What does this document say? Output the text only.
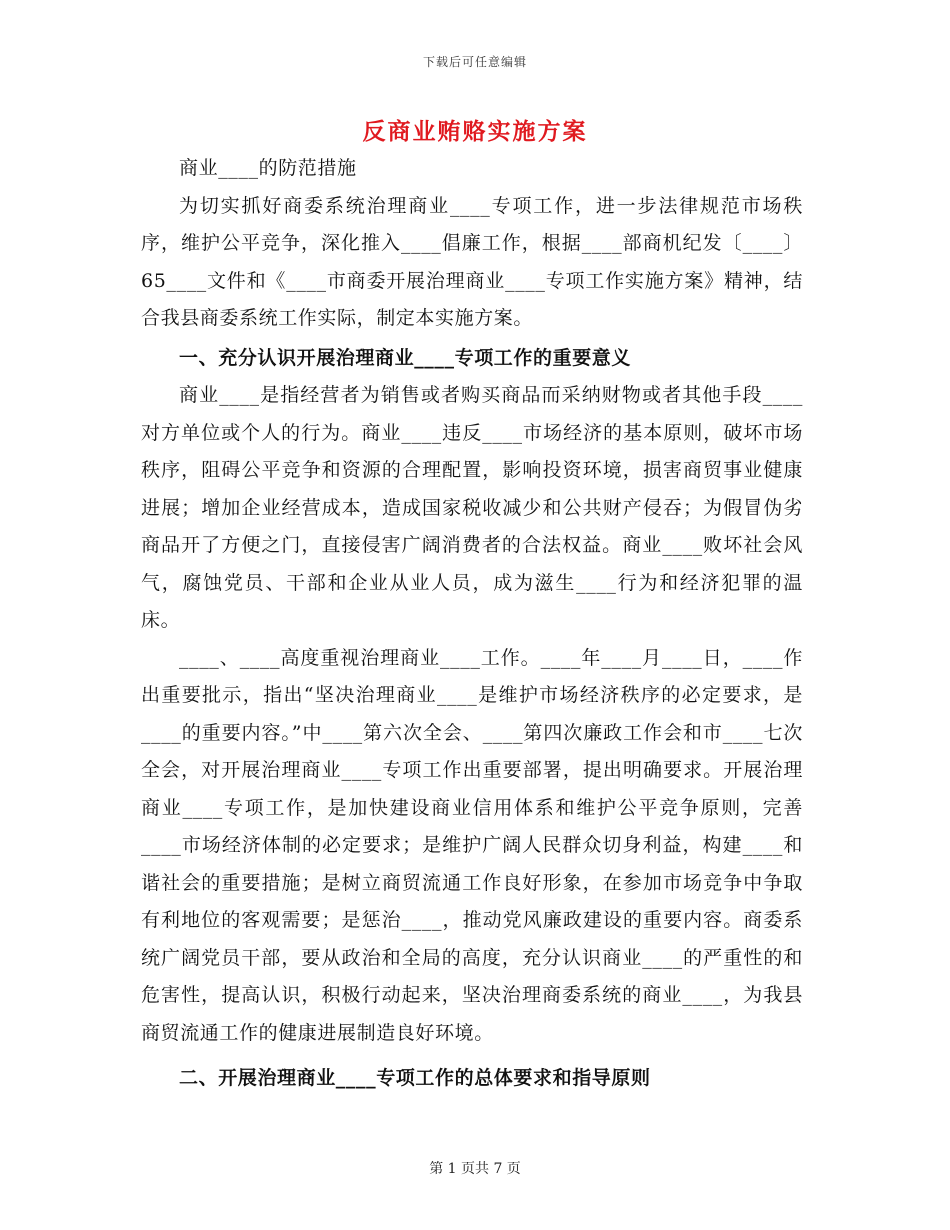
下载后可任意编辑
反商业贿赂实施方案

商业____的防范措施

为切实抓好商委系统治理商业____专项工作，进一步法律规范市场秩序，维护公平竞争，深化推入____倡廉工作，根据____部商机纪发〔____〕65____文件和《____市商委开展治理商业____专项工作实施方案》精神，结合我县商委系统工作实际，制定本实施方案。

一、充分认识开展治理商业____专项工作的重要意义

商业____是指经营者为销售或者购买商品而采纳财物或者其他手段____对方单位或个人的行为。商业____违反____市场经济的基本原则，破坏市场秩序，阻碍公平竞争和资源的合理配置，影响投资环境，损害商贸事业健康进展；增加企业经营成本，造成国家税收减少和公共财产侵吞；为假冒伪劣商品开了方便之门，直接侵害广阔消费者的合法权益。商业____败坏社会风气，腐蚀党员、干部和企业从业人员，成为滋生____行为和经济犯罪的温床。

____、____高度重视治理商业____工作。____年____月____日，____作出重要批示，指出“坚决治理商业____是维护市场经济秩序的必定要求，是____的重要内容。”中____第六次全会、____第四次廉政工作会和市____七次全会，对开展治理商业____专项工作出重要部署，提出明确要求。开展治理商业____专项工作，是加快建设商业信用体系和维护公平竞争原则，完善____市场经济体制的必定要求；是维护广阔人民群众切身利益，构建____和谐社会的重要措施；是树立商贸流通工作良好形象，在参加市场竞争中争取有利地位的客观需要；是惩治____，推动党风廉政建设的重要内容。商委系统广阔党员干部，要从政治和全局的高度，充分认识商业____的严重性的和危害性，提高认识，积极行动起来，坚决治理商委系统的商业____，为我县商贸流通工作的健康进展制造良好环境。

二、开展治理商业____专项工作的总体要求和指导原则

第 1 页共 7 页
